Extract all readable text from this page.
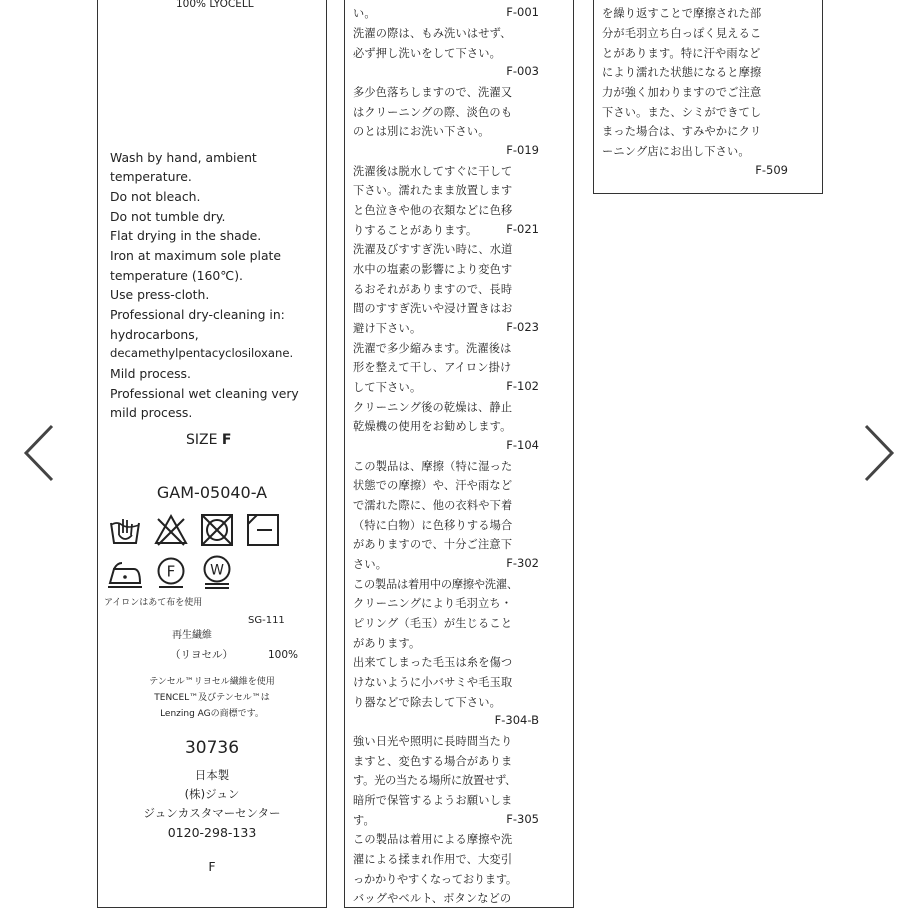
100% LYOCELL
Wash by hand, ambient
temperature.
Do not bleach.
Do not tumble dry.
Flat drying in the shade.
Iron at maximum sole plate
temperature (160℃).
Use press-cloth.
Professional dry-cleaning in:
hydrocarbons,
decamethylpentacyclosiloxane.
Mild process.
Professional wet cleaning very
mild process.
SIZE F
GAM-05040-A
F W
アイロンはあて布を使用
SG-111
再生繊維
（リヨセル）	100%
テンセル™リヨセル繊維を使用
TENCEL™及びテンセル™は
Lenzing AGの商標です。
30736
日本製
(株)ジュン
ジュンカスタマーセンター
0120-298-133
F
い。	F-001
洗濯の際は、もみ洗いはせず、
必ず押し洗いをして下さい。
F-003
多少色落ちしますので、洗濯又
はクリーニングの際、淡色のも
のとは別にお洗い下さい。
F-019
洗濯後は脱水してすぐに干して
下さい。濡れたまま放置します
と色泣きや他の衣類などに色移
りすることがあります。	F-021
洗濯及びすすぎ洗い時に、水道
水中の塩素の影響により変色す
るおそれがありますので、長時
間のすすぎ洗いや浸け置きはお
避け下さい。	F-023
洗濯で多少縮みます。洗濯後は
形を整えて干し、アイロン掛け
して下さい。	F-102
クリーニング後の乾燥は、静止
乾燥機の使用をお勧めします。
F-104
この製品は、摩擦（特に湿った
状態での摩擦）や、汗や雨など
で濡れた際に、他の衣料や下着
（特に白物）に色移りする場合
がありますので、十分ご注意下
さい。	F-302
この製品は着用中の摩擦や洗濯、
クリーニングにより毛羽立ち・
ピリング（毛玉）が生じること
があります。
出来てしまった毛玉は糸を傷つ
けないように小バサミや毛玉取
り器などで除去して下さい。
F-304-B
強い日光や照明に長時間当たり
ますと、変色する場合がありま
す。光の当たる場所に放置せず、
暗所で保管するようお願いしま
す。	F-305
この製品は着用による摩擦や洗
濯による揉まれ作用で、大変引
っかかりやすくなっております。
バッグやベルト、ボタンなどの
を繰り返すことで摩擦された部
分が毛羽立ち白っぽく見えるこ
とがあります。特に汗や雨など
により濡れた状態になると摩擦
力が強く加わりますのでご注意
下さい。また、シミができてし
まった場合は、すみやかにクリ
ーニング店にお出し下さい。
F-509
